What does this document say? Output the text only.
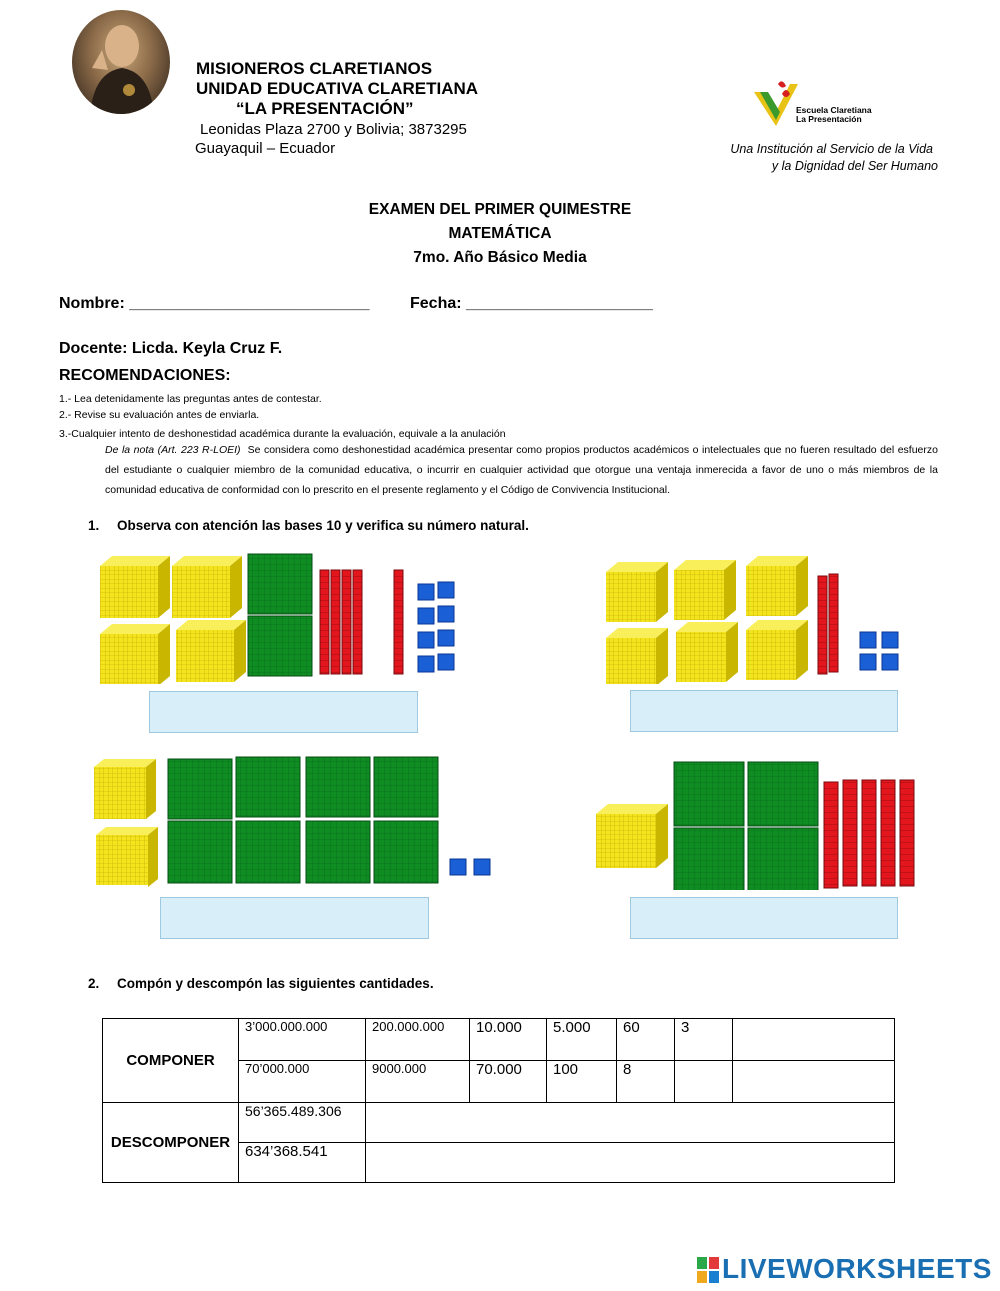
MISIONEROS CLARETIANOS
UNIDAD EDUCATIVA CLARETIANA
“LA PRESENTACIÓN”
Leonidas Plaza 2700 y Bolivia; 3873295
Guayaquil – Ecuador
Escuela Claretiana
La Presentación
Una Institución al Servicio de la Vida
y la Dignidad del Ser Humano
EXAMEN DEL PRIMER QUIMESTRE
MATEMÁTICA
7mo. Año Básico Media
Nombre: ___________________________	Fecha: _____________________
Docente: Licda. Keyla Cruz F.
RECOMENDACIONES:
1.- Lea detenidamente las preguntas antes de contestar.
2.- Revise su evaluación antes de enviarla.
3.-Cualquier intento de deshonestidad académica durante la evaluación, equivale a la anulación
De la nota (Art. 223 R-LOEI) Se considera como deshonestidad académica presentar como propios productos académicos o intelectuales que no fueren resultado del esfuerzo del estudiante o cualquier miembro de la comunidad educativa, o incurrir en cualquier actividad que otorgue una ventaja inmerecida a favor de uno o más miembros de la comunidad educativa de conformidad con lo prescrito en el presente reglamento y el Código de Convivencia Institucional.
1. Observa con atención las bases 10 y verifica su número natural.
2. Compón y descompón las siguientes cantidades.
COMPONER	3’000.000.000	200.000.000	10.000	5.000	60	3	
	70’000.000	9000.000	70.000	100	8		
DESCOMPONER	56’365.489.306						
	634’368.541						
LIVEWORKSHEETS
